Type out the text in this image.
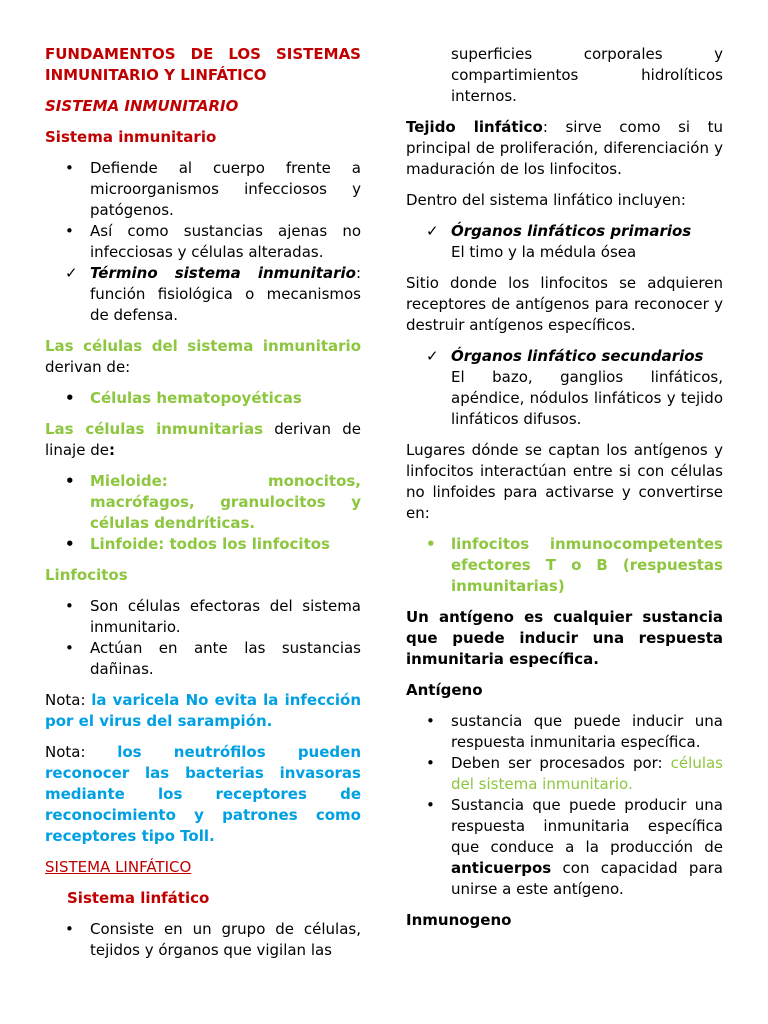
FUNDAMENTOS DE LOS SISTEMAS INMUNITARIO Y LINFÁTICO

SISTEMA INMUNITARIO

Sistema inmunitario

•	Defiende al cuerpo frente a microorganismos infecciosos y patógenos.
•	Así como sustancias ajenas no infecciosas y células alteradas.
✓ Término sistema inmunitario: función fisiológica o mecanismos de defensa.

Las células del sistema inmunitario derivan de:

•	Células hematopoyéticas

Las células inmunitarias derivan de linaje de:

•	Mieloide: monocitos, macrófagos, granulocitos y células dendríticas.
•	Linfoide: todos los linfocitos

Linfocitos

•	Son células efectoras del sistema inmunitario.
•	Actúan en ante las sustancias dañinas.

Nota: la varicela No evita la infección por el virus del sarampión.

Nota: los neutrófilos pueden reconocer las bacterias invasoras mediante los receptores de reconocimiento y patrones como receptores tipo Toll.

SISTEMA LINFÁTICO

Sistema linfático

•	Consiste en un grupo de células, tejidos y órganos que vigilan las

superficies corporales y compartimientos hidrolíticos internos.

Tejido linfático: sirve como si tu principal de proliferación, diferenciación y maduración de los linfocitos.

Dentro del sistema linfático incluyen:

✓ Órganos linfáticos primarios
El timo y la médula ósea

Sitio donde los linfocitos se adquieren receptores de antígenos para reconocer y destruir antígenos específicos.

✓ Órganos linfático secundarios
El bazo, ganglios linfáticos, apéndice, nódulos linfáticos y tejido linfáticos difusos.

Lugares dónde se captan los antígenos y linfocitos interactúan entre si con células no linfoides para activarse y convertirse en:

•	linfocitos inmunocompetentes efectores T o B (respuestas inmunitarias)

Un antígeno es cualquier sustancia que puede inducir una respuesta inmunitaria específica.

Antígeno

•	sustancia que puede inducir una respuesta inmunitaria específica.
•	Deben ser procesados por: células del sistema inmunitario.
•	Sustancia que puede producir una respuesta inmunitaria específica que conduce a la producción de anticuerpos con capacidad para unirse a este antígeno.

Inmunogeno
